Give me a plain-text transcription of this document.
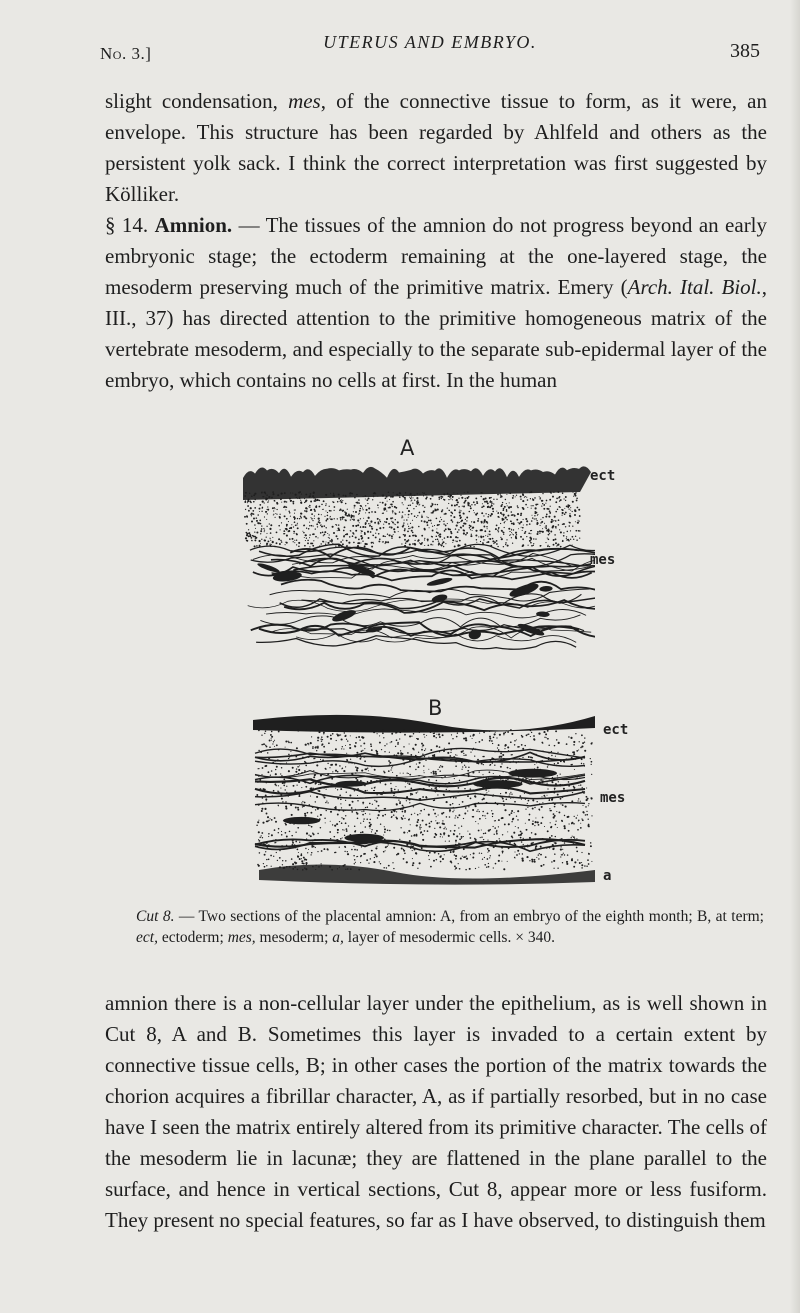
No. 3.]
UTERUS AND EMBRYO.	385

slight condensation, mes, of the connective tissue to form, as it were, an envelope. This structure has been regarded by Ahlfeld and others as the persistent yolk sack. I think the correct interpretation was first suggested by Kölliker.

§ 14. Amnion. — The tissues of the amnion do not progress beyond an early embryonic stage; the ectoderm remaining at the one-layered stage, the mesoderm preserving much of the primitive matrix. Emery (Arch. Ital. Biol., III., 37) has directed attention to the primitive homogeneous matrix of the vertebrate mesoderm, and especially to the separate sub-epidermal layer of the embryo, which contains no cells at first. In the human

A
ect
mes
B
ect
mes
a

Cut 8. — Two sections of the placental amnion: A, from an embryo of the eighth month; B, at term; ect, ectoderm; mes, mesoderm; a, layer of mesodermic cells. × 340.

amnion there is a non-cellular layer under the epithelium, as is well shown in Cut 8, A and B. Sometimes this layer is invaded to a certain extent by connective tissue cells, B; in other cases the portion of the matrix towards the chorion acquires a fibrillar character, A, as if partially resorbed, but in no case have I seen the matrix entirely altered from its primitive character. The cells of the mesoderm lie in lacunæ; they are flattened in the plane parallel to the surface, and hence in vertical sections, Cut 8, appear more or less fusiform. They present no special features, so far as I have observed, to distinguish them
